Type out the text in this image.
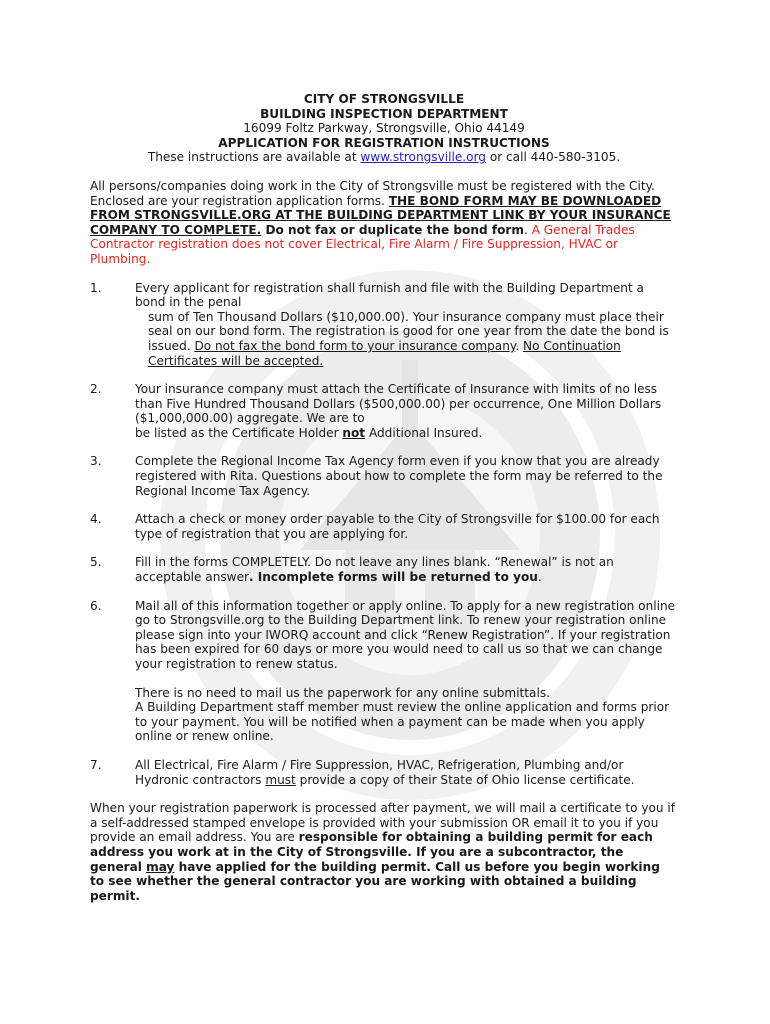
CITY OF STRONGSVILLE
BUILDING INSPECTION DEPARTMENT
16099 Foltz Parkway, Strongsville, Ohio 44149
APPLICATION FOR REGISTRATION INSTRUCTIONS
These instructions are available at www.strongsville.org or call 440-580-3105.

All persons/companies doing work in the City of Strongsville must be registered with the City. Enclosed are your registration application forms. THE BOND FORM MAY BE DOWNLOADED FROM STRONGSVILLE.ORG AT THE BUILDING DEPARTMENT LINK BY YOUR INSURANCE COMPANY TO COMPLETE. Do not fax or duplicate the bond form. A General Trades Contractor registration does not cover Electrical, Fire Alarm / Fire Suppression, HVAC or Plumbing.

1.	Every applicant for registration shall furnish and file with the Building Department a bond in the penal
sum of Ten Thousand Dollars ($10,000.00). Your insurance company must place their seal on our bond form. The registration is good for one year from the date the bond is issued. Do not fax the bond form to your insurance company. No Continuation Certificates will be accepted.
2.	Your insurance company must attach the Certificate of Insurance with limits of no less than Five Hundred Thousand Dollars ($500,000.00) per occurrence, One Million Dollars ($1,000,000.00) aggregate. We are to

be listed as the Certificate Holder not Additional Insured.

3.	Complete the Regional Income Tax Agency form even if you know that you are already registered with Rita. Questions about how to complete the form may be referred to the Regional Income Tax Agency.

4.	Attach a check or money order payable to the City of Strongsville for $100.00 for each type of registration that you are applying for.

5.	Fill in the forms COMPLETELY. Do not leave any lines blank. “Renewal” is not an acceptable answer. Incomplete forms will be returned to you.

6.	Mail all of this information together or apply online. To apply for a new registration online go to Strongsville.org to the Building Department link. To renew your registration online please sign into your IWORQ account and click “Renew Registration”. If your registration has been expired for 60 days or more you would need to call us so that we can change your registration to renew status.

There is no need to mail us the paperwork for any online submittals.

A Building Department staff member must review the online application and forms prior to your payment. You will be notified when a payment can be made when you apply online or renew online.

7.	All Electrical, Fire Alarm / Fire Suppression, HVAC, Refrigeration, Plumbing and/or Hydronic contractors must provide a copy of their State of Ohio license certificate.

When your registration paperwork is processed after payment, we will mail a certificate to you if a self-addressed stamped envelope is provided with your submission OR email it to you if you provide an email address. You are responsible for obtaining a building permit for each address you work at in the City of Strongsville. If you are a subcontractor, the general may have applied for the building permit. Call us before you begin working to see whether the general contractor you are working with obtained a building permit.
